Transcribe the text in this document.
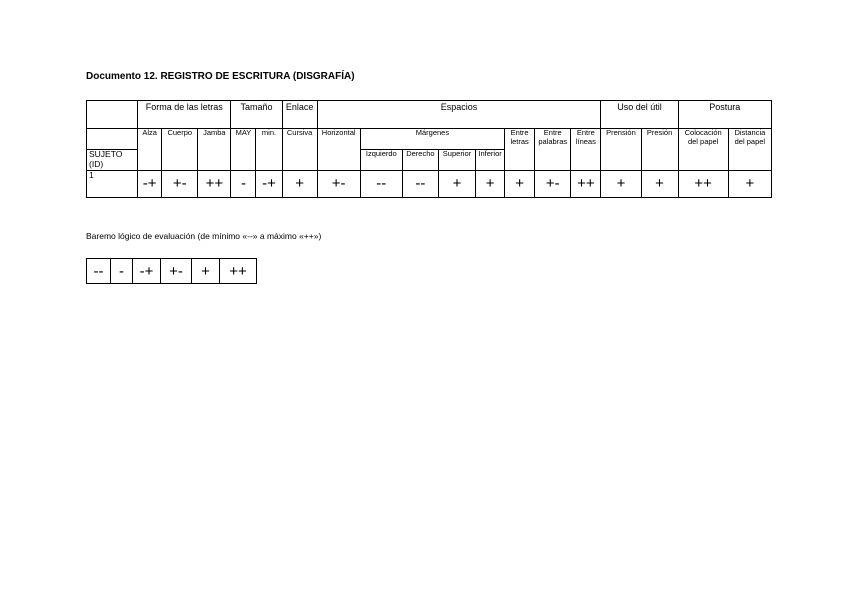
Documento 12. REGISTRO DE ESCRITURA (DISGRAFÍA)
	Forma de las letras			Tamaño		Enlace	Espacios								Uso del útil		Postura	
	Alza	Cuerpo	Jamba	MAY	min.	Cursiva	Horizontal	Márgenes				Entre letras	Entre palabras	Entre líneas	Prensión	Presión	Colocación del papel	Distancia del papel
SUJETO (ID)								Izquierdo	Derecho	Superior	Inferior							
1	-+	+-	++	-	-+	+	+-	--	--	+	+	+	+-	++	+	+	++	+
Baremo lógico de evaluación (de mínimo «--» a máximo «++»)
--	-	-+	+-	+	++
